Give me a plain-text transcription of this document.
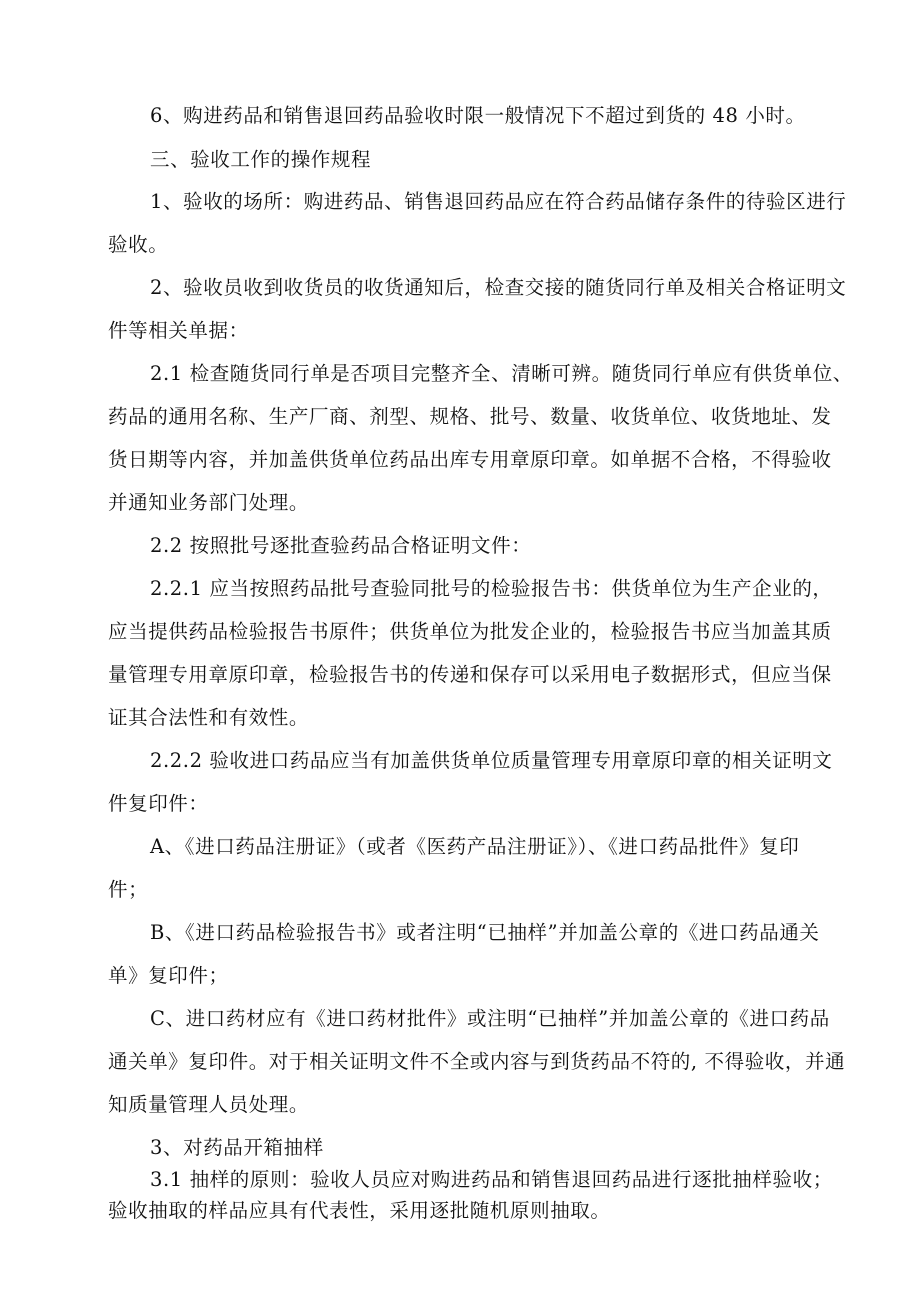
6、购进药品和销售退回药品验收时限一般情况下不超过到货的 48 小时。
三、验收工作的操作规程
1、验收的场所：购进药品、销售退回药品应在符合药品储存条件的待验区进行
验收。
2、验收员收到收货员的收货通知后，检查交接的随货同行单及相关合格证明文
件等相关单据：
2.1 检查随货同行单是否项目完整齐全、清晰可辨。随货同行单应有供货单位、
药品的通用名称、生产厂商、剂型、规格、批号、数量、收货单位、收货地址、发
货日期等内容，并加盖供货单位药品出库专用章原印章。如单据不合格，不得验收
并通知业务部门处理。
2.2 按照批号逐批查验药品合格证明文件：
2.2.1 应当按照药品批号查验同批号的检验报告书：供货单位为生产企业的，
应当提供药品检验报告书原件；供货单位为批发企业的，检验报告书应当加盖其质
量管理专用章原印章，检验报告书的传递和保存可以采用电子数据形式，但应当保
证其合法性和有效性。
2.2.2 验收进口药品应当有加盖供货单位质量管理专用章原印章的相关证明文
件复印件：
A、《进口药品注册证》（或者《医药产品注册证》）、《进口药品批件》复印
件；
B、《进口药品检验报告书》或者注明“已抽样”并加盖公章的《进口药品通关
单》复印件；
C、进口药材应有《进口药材批件》或注明“已抽样”并加盖公章的《进口药品
通关单》复印件。对于相关证明文件不全或内容与到货药品不符的, 不得验收，并通
知质量管理人员处理。
3、对药品开箱抽样
3.1 抽样的原则：验收人员应对购进药品和销售退回药品进行逐批抽样验收；
验收抽取的样品应具有代表性，采用逐批随机原则抽取。
